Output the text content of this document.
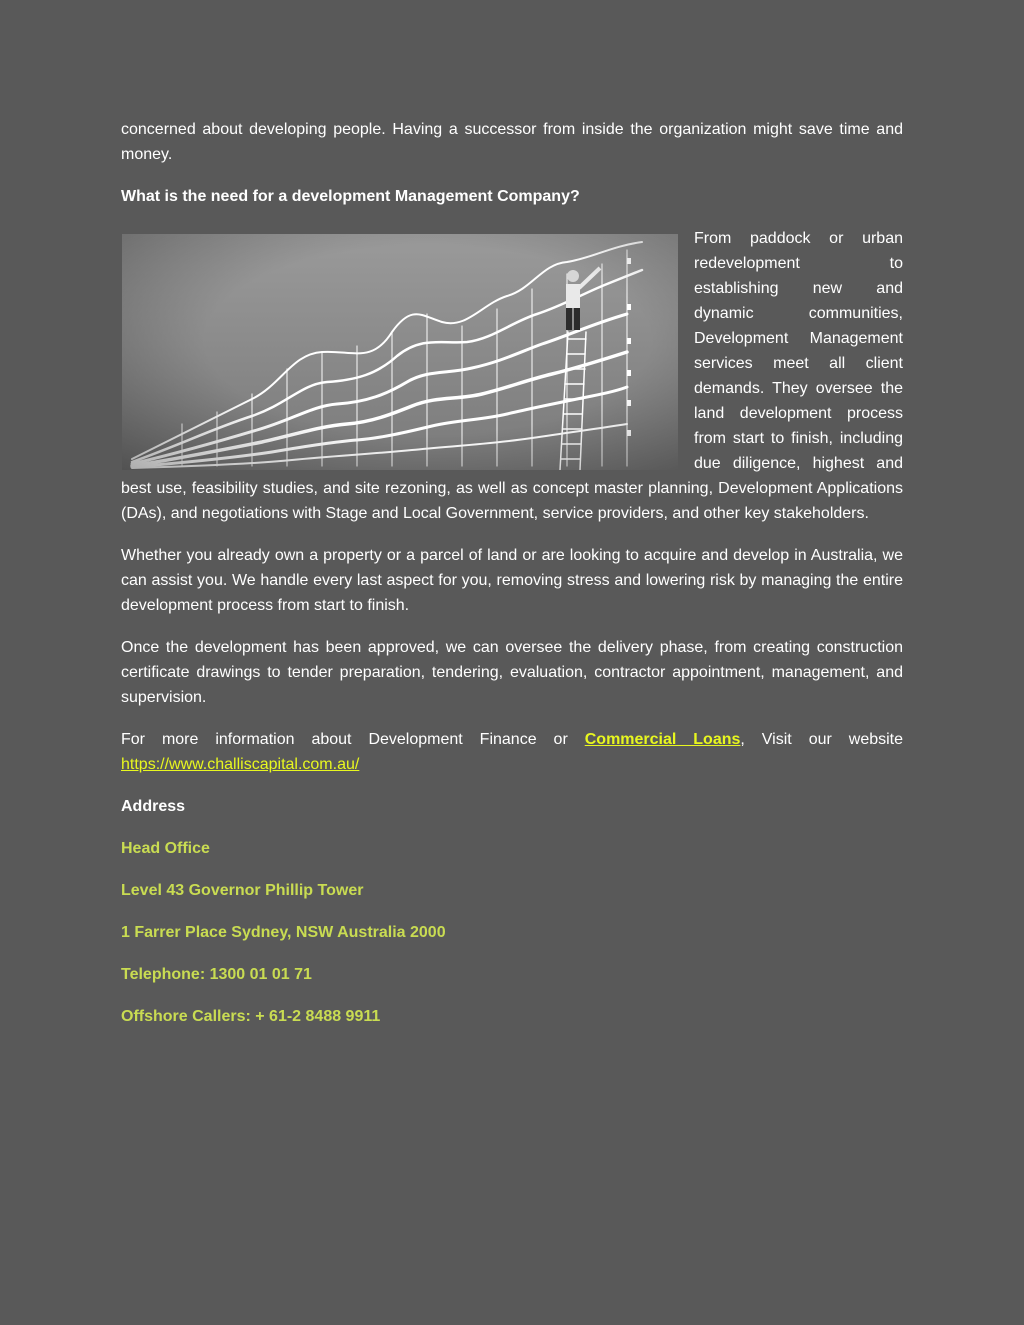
concerned about developing people. Having a successor from inside the organization might save time and money.

What is the need for a development Management Company?

From paddock or urban redevelopment to establishing new and dynamic communities, Development Management services meet all client demands. They oversee the land development process from start to finish, including due diligence, highest and best use, feasibility studies, and site rezoning, as well as concept master planning, Development Applications (DAs), and negotiations with Stage and Local Government, service providers, and other key stakeholders.

Whether you already own a property or a parcel of land or are looking to acquire and develop in Australia, we can assist you. We handle every last aspect for you, removing stress and lowering risk by managing the entire development process from start to finish.

Once the development has been approved, we can oversee the delivery phase, from creating construction certificate drawings to tender preparation, tendering, evaluation, contractor appointment, management, and supervision.

For more information about Development Finance or Commercial Loans, Visit our website https://www.challiscapital.com.au/

Address
Head Office
Level 43 Governor Phillip Tower
1 Farrer Place Sydney, NSW Australia 2000
Telephone: 1300 01 01 71
Offshore Callers: + 61-2 8488 9911
